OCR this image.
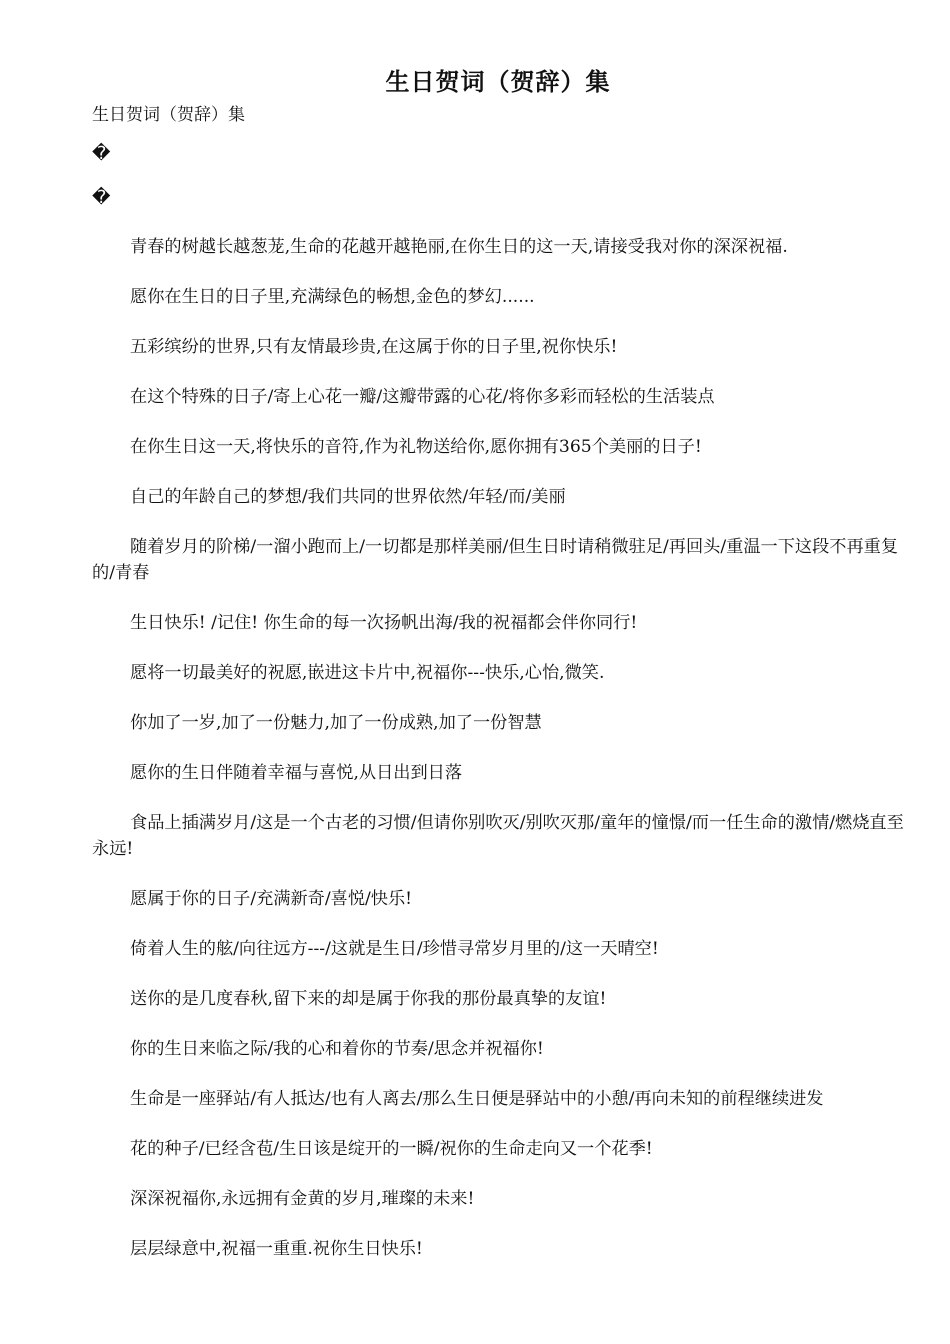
生日贺词（贺辞）集
生日贺词（贺辞）集
�
�

青春的树越长越葱茏,生命的花越开越艳丽,在你生日的这一天,请接受我对你的深深祝福.

愿你在生日的日子里,充满绿色的畅想,金色的梦幻......

五彩缤纷的世界,只有友情最珍贵,在这属于你的日子里,祝你快乐!

在这个特殊的日子/寄上心花一瓣/这瓣带露的心花/将你多彩而轻松的生活装点

在你生日这一天,将快乐的音符,作为礼物送给你,愿你拥有365个美丽的日子!

自己的年龄自己的梦想/我们共同的世界依然/年轻/而/美丽

随着岁月的阶梯/一溜小跑而上/一切都是那样美丽/但生日时请稍微驻足/再回头/重温一下这段不再重复的/青春

生日快乐! /记住! 你生命的每一次扬帆出海/我的祝福都会伴你同行!

愿将一切最美好的祝愿,嵌进这卡片中,祝福你---快乐,心怡,微笑.

你加了一岁,加了一份魅力,加了一份成熟,加了一份智慧

愿你的生日伴随着幸福与喜悦,从日出到日落

食品上插满岁月/这是一个古老的习惯/但请你别吹灭/别吹灭那/童年的憧憬/而一任生命的激情/燃烧直至永远!

愿属于你的日子/充满新奇/喜悦/快乐!

倚着人生的舷/向往远方---/这就是生日/珍惜寻常岁月里的/这一天晴空!

送你的是几度春秋,留下来的却是属于你我的那份最真挚的友谊!

你的生日来临之际/我的心和着你的节奏/思念并祝福你!

生命是一座驿站/有人抵达/也有人离去/那么生日便是驿站中的小憩/再向未知的前程继续进发

花的种子/已经含苞/生日该是绽开的一瞬/祝你的生命走向又一个花季!

深深祝福你,永远拥有金黄的岁月,璀璨的未来!

层层绿意中,祝福一重重.祝你生日快乐!
